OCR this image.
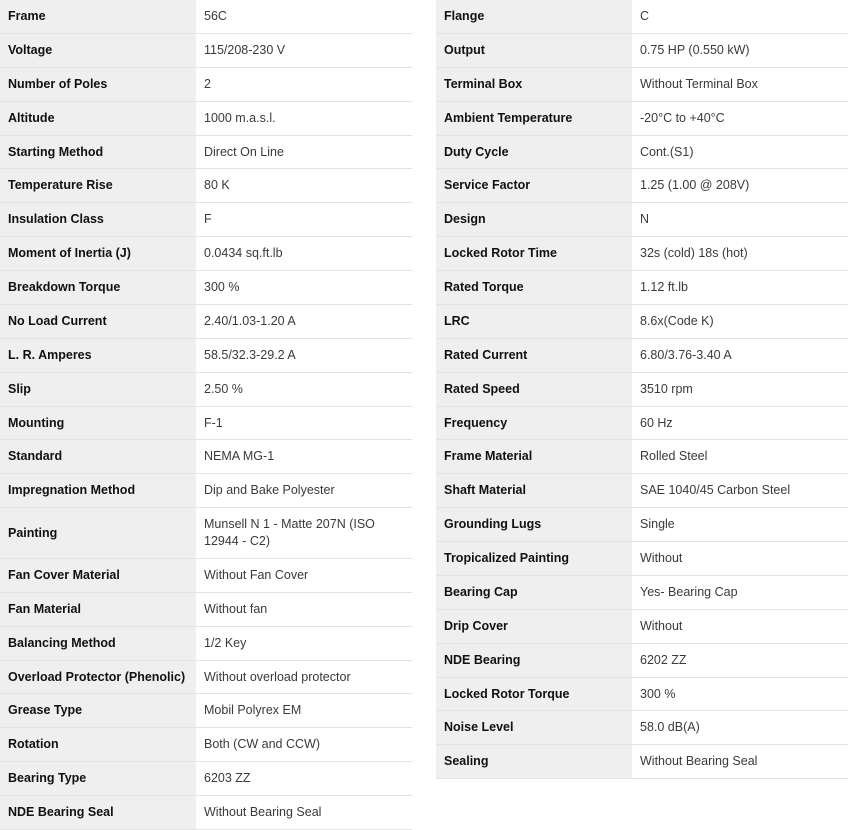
Frame	56C
Voltage	115/208-230 V
Number of Poles	2
Altitude	1000 m.a.s.l.
Starting Method	Direct On Line
Temperature Rise	80 K
Insulation Class	F
Moment of Inertia (J)	0.0434 sq.ft.lb
Breakdown Torque	300 %
No Load Current	2.40/1.03-1.20 A
L. R. Amperes	58.5/32.3-29.2 A
Slip	2.50 %
Mounting	F-1
Standard	NEMA MG-1
Impregnation Method	Dip and Bake Polyester
Painting	Munsell N 1 - Matte 207N (ISO 12944 - C2)
Fan Cover Material	Without Fan Cover
Fan Material	Without fan
Balancing Method	1/2 Key
Overload Protector (Phenolic)	Without overload protector
Grease Type	Mobil Polyrex EM
Rotation	Both (CW and CCW)
Bearing Type	6203 ZZ
NDE Bearing Seal	Without Bearing Seal
Flange	C
Output	0.75 HP (0.550 kW)
Terminal Box	Without Terminal Box
Ambient Temperature	-20°C to +40°C
Duty Cycle	Cont.(S1)
Service Factor	1.25 (1.00 @ 208V)
Design	N
Locked Rotor Time	32s (cold) 18s (hot)
Rated Torque	1.12 ft.lb
LRC	8.6x(Code K)
Rated Current	6.80/3.76-3.40 A
Rated Speed	3510 rpm
Frequency	60 Hz
Frame Material	Rolled Steel
Shaft Material	SAE 1040/45 Carbon Steel
Grounding Lugs	Single
Tropicalized Painting	Without
Bearing Cap	Yes- Bearing Cap
Drip Cover	Without
NDE Bearing	6202 ZZ
Locked Rotor Torque	300 %
Noise Level	58.0 dB(A)
Sealing	Without Bearing Seal
